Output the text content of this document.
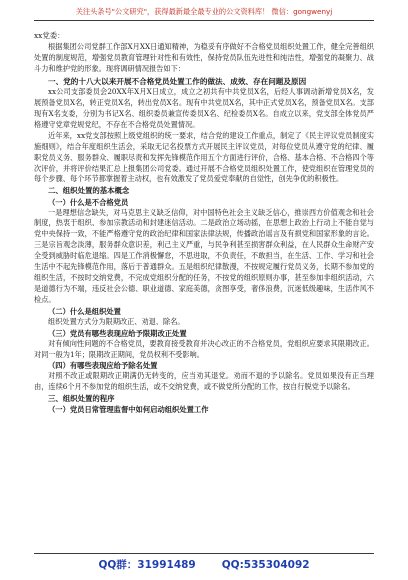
关注头条号"公文研究"，获得最新最全最专业的公文资料库！ 微信：gongwenyj

xx党委：

根据集团公司党群工作部X月XX日通知精神，为稳妥有序做好不合格党员组织处置工作，健全完善组织处置的制度规范，增强党员教育管理针对性和有效性，保持党员队伍先进性和纯洁性，增强党的凝聚力、战斗力和维护党的形象。现将调研情况报告如下：

一、党的十八大以来开展不合格党员处置工作的做法、成效、存在问题及原因

xx公司支部委员会20XX年X月X日成立，成立之初共有中共党员X名，后经人事调动新增党员X名，发展预备党员X名，转正党员X名，转出党员X名。现有中共党员X名，其中正式党员X名，预备党员X名。支部现有X名支委，分别为书记X名、组织委员兼宣传委员X名、纪检委员X名。自成立以来，党支部全体党员严格遵守党章党规党纪，不存在不合格党员处置情况。

近年来，xx党支部按照上级党组织的统一要求，结合党的建设工作重点，制定了《民主评议党员制度实施细则》，结合年度组织生活会，采取无记名投票方式开展民主评议党员，对每位党员从遵守党的纪律、履职党员义务、服务群众、履职尽责和发挥先锋模范作用五个方面进行评价，合格、基本合格、不合格四个等次评价，并将评价结果汇总上报集团公司党委。通过开展不合格党员组织处置工作，使党组织在管理党员的每个步骤、每个环节都掌握着主动权，也有效激发了党员爱党奉献的自觉性，创先争优的积极性。

二、组织处置的基本概念

（一）什么是不合格党员

一是理想信念缺失，对马克思主义缺乏信仰，对中国特色社会主义缺乏信心，推崇西方价值观念和社会制度，热衷于组织、参加宗教活动和封建迷信活动。二是政治立场动摇，在思想上政治上行动上不能自觉与党中央保持一致，不能严格遵守党的政治纪律和国家法律法规，传播政治谣言及有损党和国家形象的言论。三是宗旨观念淡薄，服务群众意识差，利己主义严重，与民争利甚至损害群众利益，在人民群众生命财产安全受到威胁时临危退缩。四是工作消极懈怠，不思进取，不负责任，不敢担当，在生活、工作、学习和社会生活中不起先锋模范作用，落后于普通群众。五是组织纪律散漫，不按规定履行党员义务，长期不参加党的组织生活，不按时交纳党费，不完成党组织分配的任务，不按党的组织原则办事，甚至参加非组织活动，六是道德行为不端，违反社会公德、职业道德、家庭美德，贪图享受，奢侈浪费，沉迷低级趣味，生活作风不检点。

（二）什么是组织处置

组织处置方式分为限期改正、劝退、除名。

（三）党员有哪些表现应给予限期改正处置

对有倾向性问题的不合格党员，要教育接受教育并决心改正的不合格党员，党组织应要求其限期改正。对同一般为1年；限期改正期间，党员权利不受影响。

（四）有哪些表现应给予除名处置

对照不改正或限期改正期满仍无转变的，应当劝其退党。劝而不退的予以除名。党员如果没有正当理由，连续6个月不参加党的组织生活，或不交纳党费，或不做党所分配的工作，按自行脱党予以除名。

三、组织处置的程序

（一）党员日常管理监督中如何启动组织处置工作

QQ群：31991489 QQ:535304092
